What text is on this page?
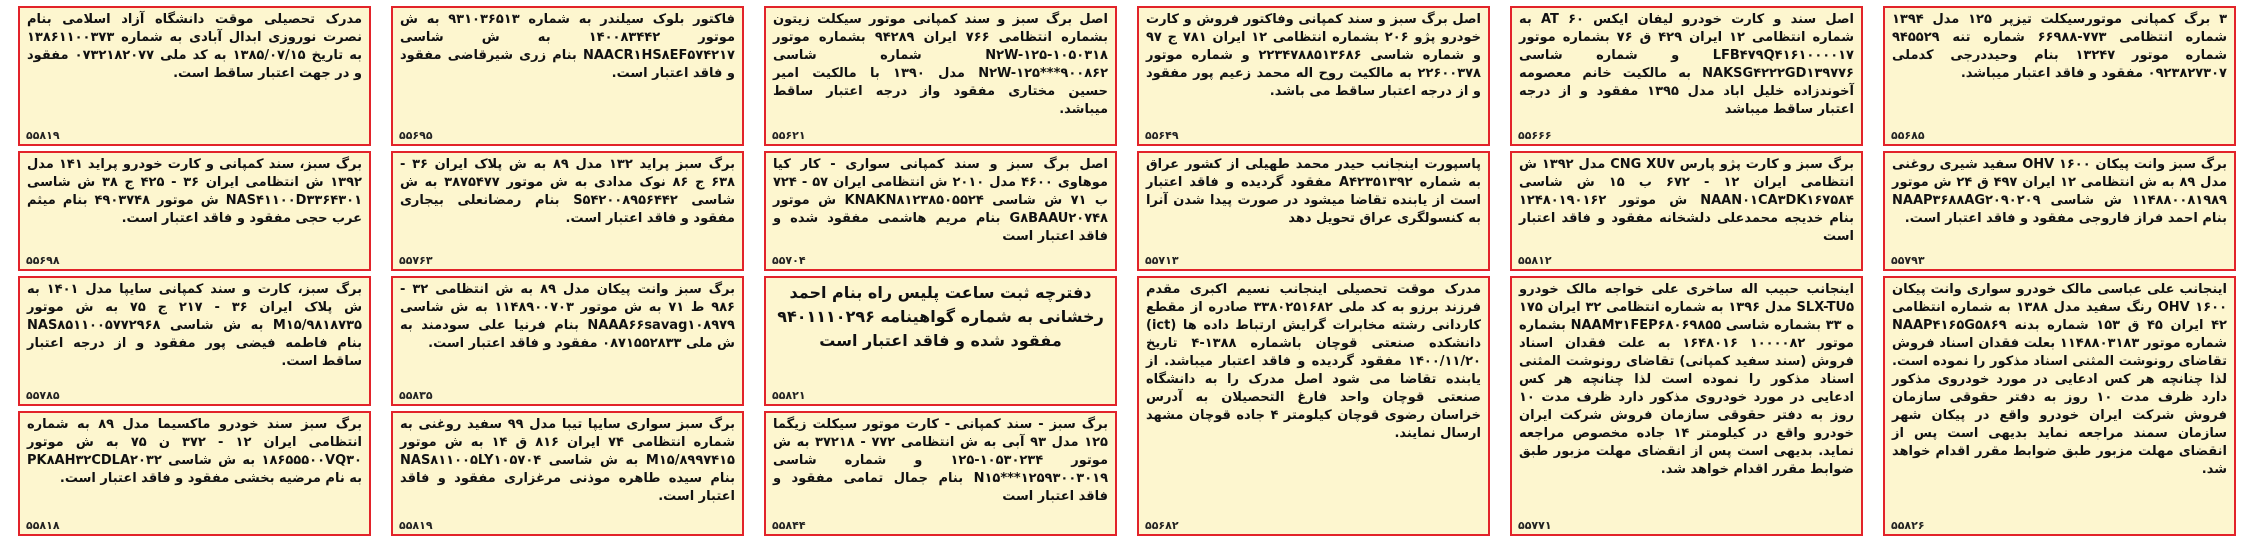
۳ برگ کمپانی موتورسیکلت تیزپر ۱۲۵ مدل ۱۳۹۴ شماره انتظامی ۷۷۳-۶۶۹۸۸ شماره تنه ۹۴۵۵۲۹ شماره موتور ۱۳۲۴۷ بنام وحیددرجی کدملی ۰۹۲۳۸۲۷۳۰۷ مفقود و فاقد اعتبار میباشد.
۵۵۶۸۵
برگ سبز وانت پیکان ۱۶۰۰ OHV سفید شیری روغنی مدل ۸۹ به ش انتظامی ۱۲ ایران ۴۹۷ ق ۲۴ ش موتور ۱۱۴۸۸۰۰۸۱۹۸۹ ش شاسی NAAP۳۶۸۸AG۲۰۹۰۲۰۹ بنام احمد فراز فاروجی مفقود و فاقد اعتبار است.
۵۵۷۹۳
اینجانب علی عباسی مالک خودرو سواری وانت پیکان ۱۶۰۰ OHV رنگ سفید مدل ۱۳۸۸ به شماره انتظامی ۴۲ ایران ۴۵ ق ۱۵۳ شماره بدنه NAAP۴۱۶۵G۵۸۶۹ شماره موتور ۱۱۴۸۸۰۳۱۸۳ بعلت فقدان اسناد فروش تقاضای رونوشت المثنی اسناد مذکور را نموده است. لذا چنانچه هر کس ادعایی در مورد خودروی مذکور دارد ظرف مدت ۱۰ روز به دفتر حقوقی سازمان فروش شرکت ایران خودرو واقع در پیکان شهر سازمان سمند مراجعه نماید بدیهی است پس از انقضای مهلت مزبور طبق ضوابط مقرر اقدام خواهد شد.
۵۵۸۲۶
اصل سند و کارت خودرو لیفان ایکس ۶۰ AT به شماره انتظامی ۱۲ ایران ۴۲۹ ق ۷۶ بشماره موتور LFB۴۷۹Q۴۱۶۱۰۰۰۰۱۷ و شماره شاسی NAKSG۴۲۲۲GD۱۳۹۷۷۶ به مالکیت خانم معصومه آخوندزاده خلیل اباد مدل ۱۳۹۵ مفقود و از درجه اعتبار ساقط میباشد
۵۵۶۶۶
برگ سبز و کارت پژو پارس CNG XU۷ مدل ۱۳۹۲ ش انتظامی ایران ۱۲ - ۶۷۲ ب ۱۵ ش شاسی NAAN۰۱CA۳DK۱۶۷۵۸۴ ش موتور ۱۲۴۸۰۱۹۰۱۶۲ بنام خدیجه محمدعلی دلشخانه مفقود و فاقد اعتبار است
۵۵۸۱۲
اینجانب حبیب اله ساخری علی خواجه مالک خودرو SLX-TU۵ مدل ۱۳۹۶ به شماره انتظامی ۳۲ ایران ۱۷۵ ه ۳۳ بشماره شاسی NAAM۳۱FEP۶۸۰۶۹۸۵۵ بشماره موتور ۱۰۰۰۰۸۲ ۱۶۴۸۰۱۶ به علت فقدان اسناد فروش (سند سفید کمپانی) تقاضای رونوشت المثنی اسناد مذکور را نموده است لذا چنانچه هر کس ادعایی در مورد خودروی مذکور دارد ظرف مدت ۱۰ روز به دفتر حقوقی سازمان فروش شرکت ایران خودرو واقع در کیلومتر ۱۴ جاده مخصوص مراجعه نماید. بدیهی است پس از انقضای مهلت مزبور طبق ضوابط مقرر اقدام خواهد شد.
۵۵۷۷۱
اصل برگ سبز و سند کمپانی وفاکتور فروش و کارت خودرو پژو ۲۰۶ بشماره انتظامی ۱۲ ایران ۷۸۱ ج ۹۷ و شماره شاسی ۲۲۳۴۷۸۸۵۱۳۶۸۶ و شماره موتور ۲۲۶۰۰۳۷۸ به مالکیت روح اله محمد زعیم پور مفقود و از درجه اعتبار ساقط می باشد.
۵۵۶۴۹
پاسپورت اینجانب حیدر محمد طهیلی از کشور عراق به شماره A۴۲۳۵۱۳۹۲ مفقود گردیده و فاقد اعتبار است از یابنده تقاضا میشود در صورت پیدا شدن آنرا به کنسولگری عراق تحویل دهد
۵۵۷۱۳
مدرک موقت تحصیلی اینجانب نسیم اکبری مقدم فرزند برزو به کد ملی ۳۳۸۰۲۵۱۶۸۲ صادره از مقطع کاردانی رشته مخابرات گرایش ارتباط داده ها (ict) دانشکده صنعتی قوچان باشماره ۱۳۸۸-۴ تاریخ ۱۴۰۰/۱۱/۲۰ مفقود گردیده و فاقد اعتبار میباشد. از یابنده تقاضا می شود اصل مدرک را به دانشگاه صنعتی قوچان واحد فارغ التحصیلان به آدرس خراسان رضوی قوچان کیلومتر ۴ جاده قوچان مشهد ارسال نمایند.
۵۵۶۸۲
اصل برگ سبز و سند کمپانی موتور سیکلت زیتون بشماره انتظامی ۷۶۶ ایران ۹۴۲۸۹ بشماره موتور ۱۰۵۰۳۱۸-N۲W-۱۲۵ شماره شاسی ۹۰۰۸۶۲***N۲W-۱۲۵ مدل ۱۳۹۰ با مالکیت امیر حسین مختاری مفقود واز درجه اعتبار ساقط میباشد.
۵۵۶۲۱
اصل برگ سبز و سند کمپانی سواری - کار کیا موهاوی ۴۶۰۰ مدل ۲۰۱۰ ش انتظامی ایران ۵۷ - ۷۲۴ ب ۷۱ ش شاسی KNAKN۸۱۲۳۸۵۰۵۵۲۴ ش موتور G۸BAAU۲۰۷۴۸ بنام مریم هاشمی مفقود شده و فاقد اعتبار است
۵۵۷۰۴
دفترچه ثبت ساعت پلیس راه بنام احمد رخشانی به شماره گواهینامه ۹۴۰۱۱۱۰۲۹۶ مفقود شده و فاقد اعتبار است
۵۵۸۲۱
برگ سبز - سند کمپانی - کارت موتور سیکلت زیگما ۱۲۵ مدل ۹۳ آبی به ش انتظامی ۷۷۲ - ۳۷۲۱۸ به ش موتور ۱۰۵۳۰۲۳۴-۱۲۵ و شماره شاسی ۱۲۵۹۳۰۰۳۰۱۹***N۱۵ بنام جمال تمامی مفقود و فاقد اعتبار است
۵۵۸۴۴
فاکتور بلوک سیلندر به شماره ۹۳۱۰۳۶۵۱۳ به ش موتور ۱۴۰۰۸۳۴۴۲ به ش شاسی NAACR۱HS۸EF۵۷۴۲۱۷ بنام زری شیرقاضی مفقود و فاقد اعتبار است.
۵۵۶۹۵
برگ سبز پراید ۱۳۲ مدل ۸۹ به ش پلاک ایران ۳۶ - ۶۳۸ ج ۸۶ نوک مدادی به ش موتور ۳۸۷۵۴۷۷ به ش شاسی S۵۴۲۰۰۸۹۵۶۴۴۲ بنام رمضانعلی بیجاری مفقود و فاقد اعتبار است.
۵۵۷۶۳
برگ سبز وانت پیکان مدل ۸۹ به ش انتظامی ۳۲ - ۹۸۶ ط ۷۱ به ش موتور ۱۱۴۸۹۰۰۷۰۳ به ش شاسی NAAA۶۶savag۱۰۸۹۷۹ بنام فرنیا علی سودمند به ش ملی ۰۸۷۱۵۵۲۸۳۳ مفقود و فاقد اعتبار است.
۵۵۸۳۵
برگ سبز سواری سایپا تیبا مدل ۹۹ سفید روغنی به شماره انتظامی ۷۴ ایران ۸۱۶ ق ۱۴ به ش موتور M۱۵/۸۹۹۷۴۱۵ به ش شاسی NAS۸۱۱۰۰۵LY۱۰۵۷۰۴ بنام سیده طاهره موذنی مرغزاری مفقود و فاقد اعتبار است.
۵۵۸۱۹
مدرک تحصیلی موقت دانشگاه آزاد اسلامی بنام نصرت نوروزی ابدال آبادی به شماره ۱۳۸۶۱۱۰۰۳۷۳ به تاریخ ۱۳۸۵/۰۷/۱۵ به کد ملی ۰۷۳۲۱۸۲۰۷۷ مفقود و در جهت اعتبار ساقط است.
۵۵۸۱۹
برگ سبز، سند کمپانی و کارت خودرو پراید ۱۴۱ مدل ۱۳۹۲ ش انتظامی ایران ۳۶ - ۴۲۵ ج ۳۸ ش شاسی NAS۴۱۱۰۰D۳۳۶۴۳۰۱ ش موتور ۴۹۰۳۷۴۸ بنام میثم عرب حجی مفقود و فاقد اعتبار است.
۵۵۶۹۸
برگ سبز، کارت و سند کمپانی سایپا مدل ۱۴۰۱ به ش پلاک ایران ۳۶ - ۲۱۷ ج ۷۵ به ش موتور M۱۵/۹۸۱۸۷۳۵ به ش شاسی NAS۸۵۱۱۰۰۵۷۷۲۹۶۸ بنام فاطمه فیضی پور مفقود و از درجه اعتبار ساقط است.
۵۵۷۸۵
برگ سبز سند خودرو ماکسیما مدل ۸۹ به شماره انتظامی ایران ۱۲ - ۳۷۲ ن ۷۵ به ش موتور ۱۸۶۵۵۵۰۰VQ۳۰ به ش شاسی PK۸AH۳۲CDLA۲۰۳۲ به نام مرضیه بخشی مفقود و فاقد اعتبار است.
۵۵۸۱۸
